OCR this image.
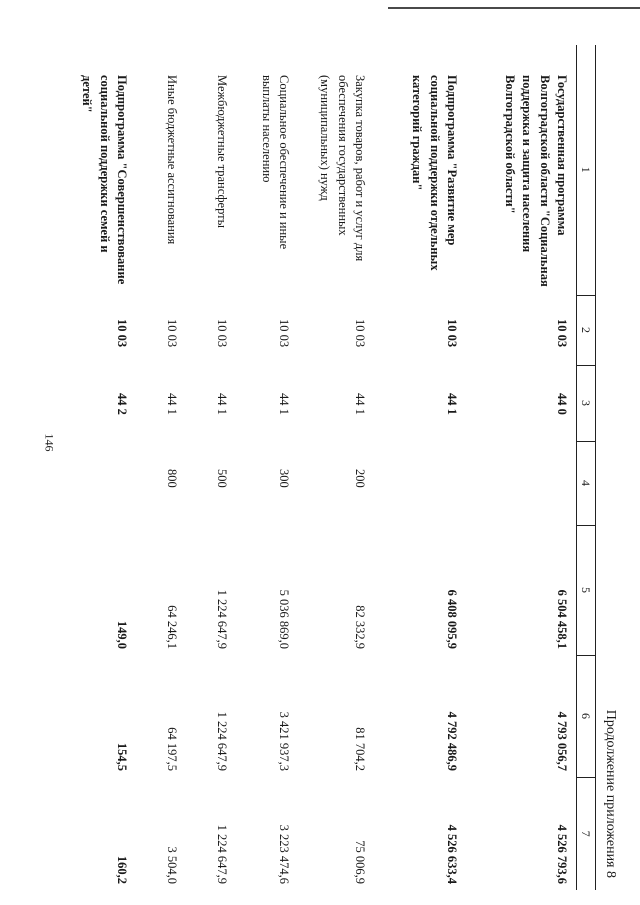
146
Продолжение приложения 8
1	2	3	4	5	6	7
Государственная программа Волгоградской области "Социальная поддержка и защита населения Волгоградской области"	10 03	44 0		6 504 458,1	4 793 056,7	4 526 793,6
Подпрограмма "Развитие мер социальной поддержки отдельных категорий граждан"	10 03	44 1		6 408 095,9	4 792 486,9	4 526 633,4
Закупка товаров, работ и услуг для обеспечения государственных (муниципальных) нужд	10 03	44 1	200	82 332,9	81 704,2	75 006,9
Социальное обеспечение и иные выплаты населению	10 03	44 1	300	5 036 869,0	3 421 937,3	3 223 474,6
Межбюджетные трансферты	10 03	44 1	500	1 224 647,9	1 224 647,9	1 224 647,9
Иные бюджетные ассигнования	10 03	44 1	800	64 246,1	64 197,5	3 504,0
Подпрограмма "Совершенствование социальной поддержки семей и детей"	10 03	44 2		149,0	154,5	160,2
